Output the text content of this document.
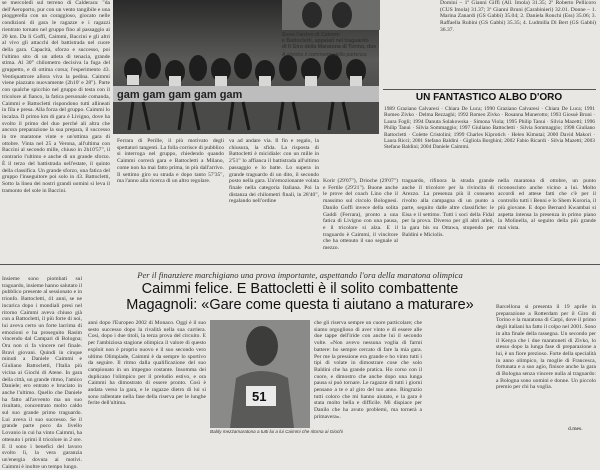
se mercoledì sul terreno di Calderara: "da dell'Aeroporto, pur con un vento tangibile e una pioggerella con un coraggioso, giocato nelle condizioni di gara le ragazze e i ragazzi rientrato tornato nel gruppo fino al passaggio ai 20 km. Da lì Goffi, Caimmi, Baccini e gli altri al vivo gli attacchi del battistrada nel cuore della gara. Capacità, sforzo e successo, poi l'ultimo sito di un atleta di tenacia, grande stima. Al 30° chilometro decisiva la fuga del gruppetto, e di ottima corsa; l'esperimento 43. Ventiquattrore allora viva la pedina. Caimmi viene piazzato nuovamente (2h10' e 28"). Parte con qualche spicchio nel gruppo di testa con il tricolore al fianco, la fatica personale comanda, Caimmi e Battocletti rispondono tutti allineati in fila e presa. Alla forza del gruppo. Caimmi lo incalza. Il primo km di gara è Livigno, dove ha svolto il primo del duo perché ali altra che ancora preparazione la sua prepara, il successo in tre maratone vinte e un'ottima gara di ottobre. Vinta nel 25 a Verona, all'ultima con Baccini al secondo mille, chiuso in 2h10'57", il contrario l'ultimo e anche di un grande sforzo. È il terzo del battistrada nell'estate, il quinto della classifica. Un grande sforzo, una fatica del gruppo l'inseguitore poi solo in 43. Battocletti, Sotto la linea dei nostri grandi uomini si leva il tramonto del sole in Baccini.

gam gam gam gam gam
Sono l'arrivo di Caimmi
e Battocletti, appaiati nel traguardo
di Il Giro della Maratona di Torino, due
A sinistra il commento della partenza

Domini – 1º Gianni Giffi (All. Imola) 31.35; 2º Roberto Pellicoro (CUS Imola) 31.37; 3º Gianni Bruni (Carabinieri) 32.01. Donne – 1. Marina Zanardi (GS Gabbi) 35.04; 2. Daniela Ronchi (Ess) 35.06; 3. Raffaella Rubini (GS Gabbi) 35.35; 4. Ludmilla Di Bert (GS Gabbi) 36.37.

UN FANTASTICO ALBO D'ORO

1989 Graziano Calvaresi · Chiara De Luca; 1990 Graziano Calvaresi · Chiara De Luca; 1991 Romeo Zivko · Delma Rezzaghi; 1992 Romeo Zivko · Rosanna Munerotto; 1993 Giosuè Bruni · Laura Fogli; 1994 Danuta Solakowska · Simona Viola; 1995 Philip Tanui · Silvia Mazetti; 1996 Philip Tanui · Silvia Sommaggio; 1997 Giuliano Battocletti · Silvia Sommaggio; 1998 Giuliano Battocletti · Colette Cristolini; 1999 Charles Kiprotich · Helen Kimutai; 2000 David Makori · Laura Ricci; 2001 Stefano Baldini · Gigliola Borghini; 2002 Fabio Ricardi · Silvia Mazetti; 2003 Stefano Baldini; 2004 Daniele Caimmi.

Ferrara di Perille, il più motivato degli spettatori tangenti. La folla corrisce di pubblico si interroga nel gruppo, chiedendo quando Caimmi correrà gara e Battocletti a Milano, come non ha mai fatto prima, in più dall'arrivo. Il settimo giro su strada e dopo tanto 57'35", ma l'anno alla ricerca di un altro regolare.

va ad andare via. Il fin e regalo, la chiusura, la sfida. La risposta di Battocletti è micidiale: con un mille in 2'51" lo affianca il battistrada all'ultimo passaggio e lo batte. Lo supera in grande traguardo di un dito, il secondo posto nella gara. Un'emozionante volata finale nella categoria Italiana. Poi la distanza dei chilometri finali, in 28'40", regalando nell'ordine

Korir (29'07"), Drioche (29'07") e Fertile (29'21"). Buone anche le prove del coach Lino che il massimo sul circolo Bolognesi. Danilo Goffi invece della solita Gaddi (Ferrara), pronto a una fatica di Livigno con una pausa, e il tricolore si alza. E il traguardo è Caimmi, il vincitore che ha ottenuto il suo segnale al mezzo.

traguardo, rifinora la strada grande anche il tricolore per la rivincita di Arezzo. La presenza più il consueto rivolto alla campagna di un punto a parte, seguito dalle altre classifiche: le Eisa e il settimo. Tutti i soci della Fidal per la prova. Diverso per gli altri atleti, la gara bis su Ottawa, stupendo per Baldini e Miciolis.

nella maratona di ottobre, un punto riconosciuto anche vicino a lui. Molto accordi ed attese fatti che c'è per il controllo tutti i Benni e lo Shem Kororia, il più giovane. E dopo Bernard Kwambai si aspetta intensa la presenza in primo piano la Molinella, al seguito della più grande mai vista.

Per il finanziere marchigiano una prova importante, aspettando l'ora della maratona olimpica
Caimmi felice. E Battocletti è il solito combattente
Magagnoli: «Gare come questa ti aiutano a maturare»

Insieme sono piombati sul traguardo, insieme hanno salutato il pubblico presente al sessionato e in trionfo. Battocletti, 41 anni, se ne incarica dopo i mondiali presi nel ritorno Caimmi aveva chiuso già con a Battocletti, il più forte di noi, lui aveva certo un forte lacrima di emozioni e ha proseguito Rasim vincendo dal Campari di Bologna; Ora non ci fa vincere nel finale. Bravi giovani. Quindi in cinque minuti a Daniele Caimmi e Giuliano Battocletti, l'Italia più vicina ai Giochi di Atene. In gara della città, un grande ritmo, l'amico Daniele; ero entrato e bruciato in anche l'ultimo. Quello che Daniele ha fatto all'avvento ma un suo risultato, concentrato molto caldo sul suo grande primo traguardo. Lui aveva il suo successo. Se il grande parte poco da livello Lovanio in cui ha vinto Caimmi, ha ottenuto i primi il tricolore in 2 ore. E il sono i benefici del lavoro svolto lì, la vera garanzia un'energia dovuta ai motivi. Caimmi è inoltre un tempo lungo.

anni dopo l'Europeo 2002 di Monaco. Oggi è il suo sesto successo dopo la rivalità nella sua carriera. Cosi, dopo i due titoli, la terza prova del circuito. E per l'ambiziosa stagione olimpica il valore di questo exploit non è proprio nuovo e il suo secondo vero ultimo Olimpiade, Caimmi è da sempre lo sportivo da seguire. Il ritmo dalla qualificazione del suo campionato in un impegno costante. Insomma dei duplicano l'olimpico per il preludio estivo, e ora Caimmi ha dimostrato di essere pronto. Così è andata verso la gara, e le ragazze dietro di lui si sono rallentate nella fase della riserva per le lunghe ferite dell'ultima.	51
Baldy mezzamaratona a tutti lui a lui Caimmi che ritorna ai Giochi

che gli riserva sempre un cuore particolare; che siamo orgoglioso di aver vinto e di essere alle due tappe dell'iride con anche lui il secondo volte. «Non avevo nessuna voglia di farmi battere: ho sempre cercato di fare la mia gara. Per me la pressione era grande e ho vinto tutti i tipi di volate in dimostrare cose che solo Baldini che ha grande pratica. Ho corso con il cuore, e dimostro che anche dopo una lunga pausa si può tornare. Le ragazze di tutti i giorni pensano a te e al giro del tuo anno. Ringrazio tutti coloro che mi hanno aiutato, e la gara è stata molto bella e difficile. Mi dispiace per Danilo che ha avuto problemi, ma tornerà a primavera».

Barcellona si presenta il 19 aprile in preparazione a Rotterdam per il Giro di Torino e la maratona di Carpi, dove il primo degli italiani ha fatto il colpo nel 2001. Sono in alta finale della rassegna. Un secondo per il Kenya che i due maratoneti di Zivko, lo stesso dopo la lunga fase di preparazione a lui, è un fiore prezioso. Forte della specialità in anno olimpico, la moglie di Francesca, fortunata e a suo agio, finisce anche la gara di Bologna senza vincere nulla al traguardo: a Bologna sono uomini e donne. Un piccolo premio per chi ha voglia.

d.mes.
